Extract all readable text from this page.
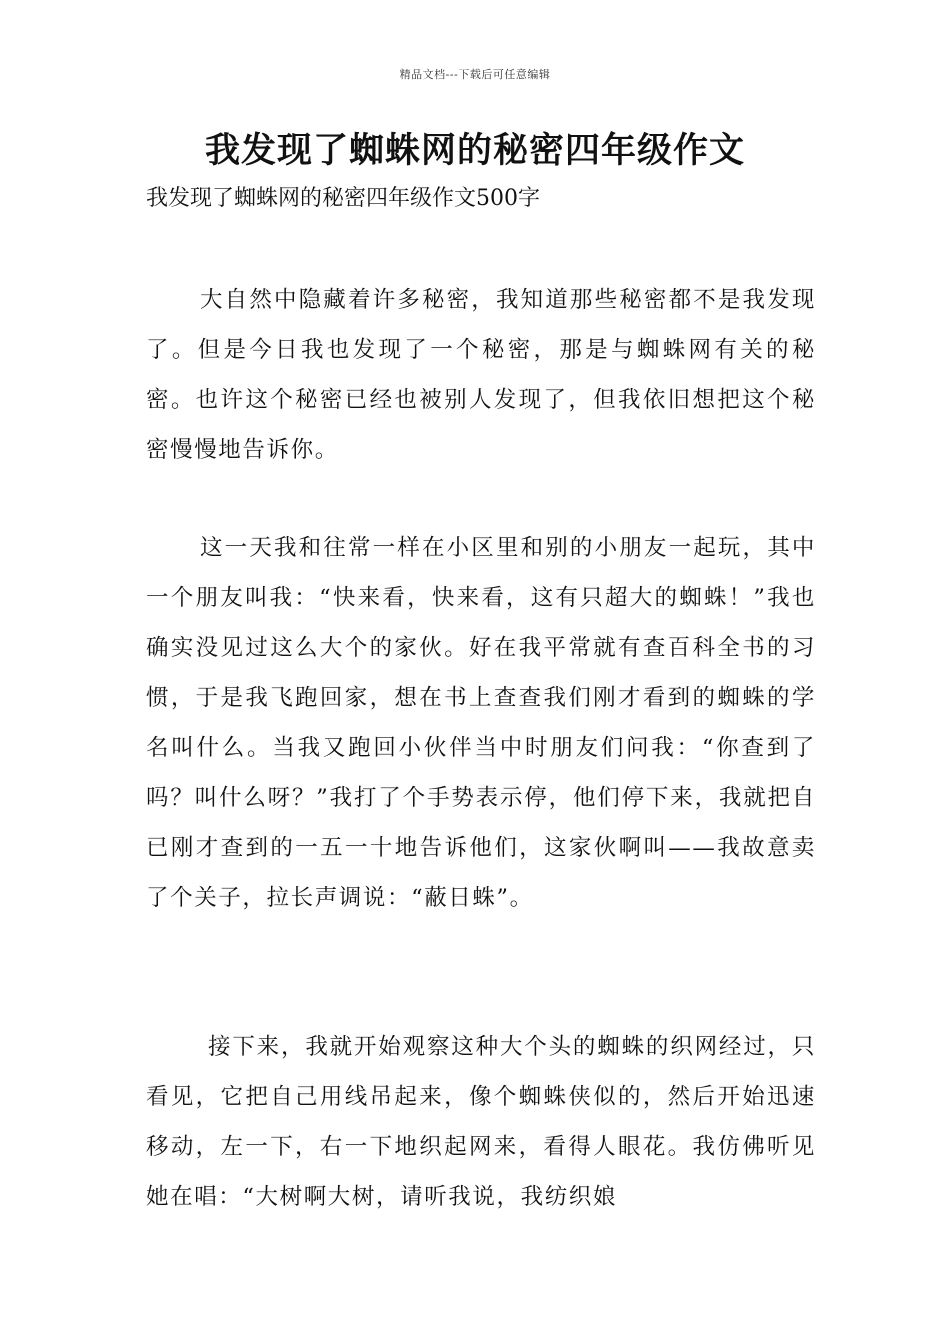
精品文档---下载后可任意编辑
我发现了蜘蛛网的秘密四年级作文

我发现了蜘蛛网的秘密四年级作文500字

大自然中隐藏着许多秘密，我知道那些秘密都不是我发现了。但是今日我也发现了一个秘密，那是与蜘蛛网有关的秘密。也许这个秘密已经也被别人发现了，但我依旧想把这个秘密慢慢地告诉你。

这一天我和往常一样在小区里和别的小朋友一起玩，其中一个朋友叫我：“快来看，快来看，这有只超大的蜘蛛！”我也确实没见过这么大个的家伙。好在我平常就有查百科全书的习惯，于是我飞跑回家，想在书上查查我们刚才看到的蜘蛛的学名叫什么。当我又跑回小伙伴当中时朋友们问我：“你查到了吗？叫什么呀？”我打了个手势表示停，他们停下来，我就把自已刚才查到的一五一十地告诉他们，这家伙啊叫——我故意卖了个关子，拉长声调说：“蔽日蛛”。

接下来，我就开始观察这种大个头的蜘蛛的织网经过，只看见，它把自己用线吊起来，像个蜘蛛侠似的，然后开始迅速移动，左一下，右一下地织起网来，看得人眼花。我仿佛听见她在唱：“大树啊大树，请听我说，我纺织娘
